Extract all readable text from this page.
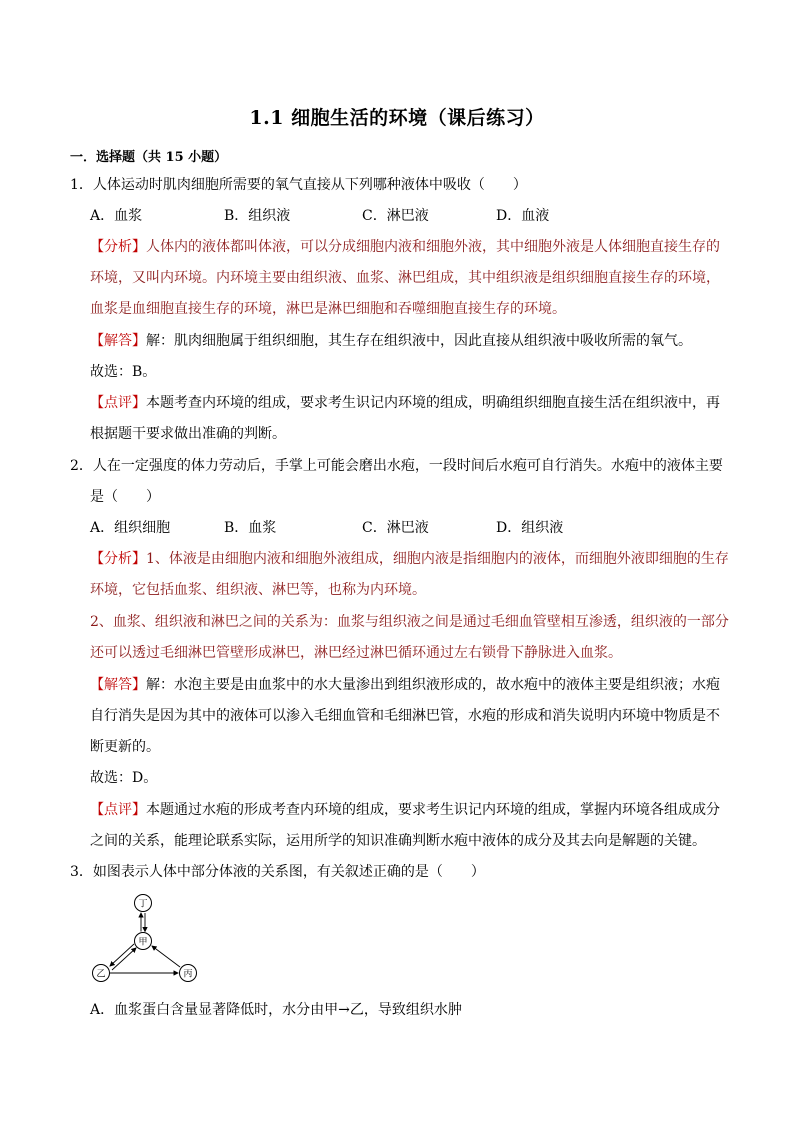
1.1 细胞生活的环境（课后练习）
一．选择题（共 15 小题）
1．人体运动时肌肉细胞所需要的氧气直接从下列哪种液体中吸收（　　）
A．血浆	B．组织液	C．淋巴液	D．血液
【分析】人体内的液体都叫体液，可以分成细胞内液和细胞外液，其中细胞外液是人体细胞直接生存的
环境，又叫内环境。内环境主要由组织液、血浆、淋巴组成，其中组织液是组织细胞直接生存的环境，
血浆是血细胞直接生存的环境，淋巴是淋巴细胞和吞噬细胞直接生存的环境。
【解答】解：肌肉细胞属于组织细胞，其生存在组织液中，因此直接从组织液中吸收所需的氧气。
故选：B。
【点评】本题考查内环境的组成，要求考生识记内环境的组成，明确组织细胞直接生活在组织液中，再
根据题干要求做出准确的判断。
2．人在一定强度的体力劳动后，手掌上可能会磨出水疱，一段时间后水疱可自行消失。水疱中的液体主要
是（　　）
A．组织细胞	B．血浆	C．淋巴液	D．组织液
【分析】1、体液是由细胞内液和细胞外液组成，细胞内液是指细胞内的液体，而细胞外液即细胞的生存
环境，它包括血浆、组织液、淋巴等，也称为内环境。
2、血浆、组织液和淋巴之间的关系为：血浆与组织液之间是通过毛细血管壁相互渗透，组织液的一部分
还可以透过毛细淋巴管壁形成淋巴，淋巴经过淋巴循环通过左右锁骨下静脉进入血浆。
【解答】解：水泡主要是由血浆中的水大量渗出到组织液形成的，故水疱中的液体主要是组织液；水疱
自行消失是因为其中的液体可以渗入毛细血管和毛细淋巴管，水疱的形成和消失说明内环境中物质是不
断更新的。
故选：D。
【点评】本题通过水疱的形成考查内环境的组成，要求考生识记内环境的组成，掌握内环境各组成成分
之间的关系，能理论联系实际，运用所学的知识准确判断水疱中液体的成分及其去向是解题的关键。
3．如图表示人体中部分体液的关系图，有关叙述正确的是（　　）
丁
甲
乙	丙
A．血浆蛋白含量显著降低时，水分由甲→乙，导致组织水肿
